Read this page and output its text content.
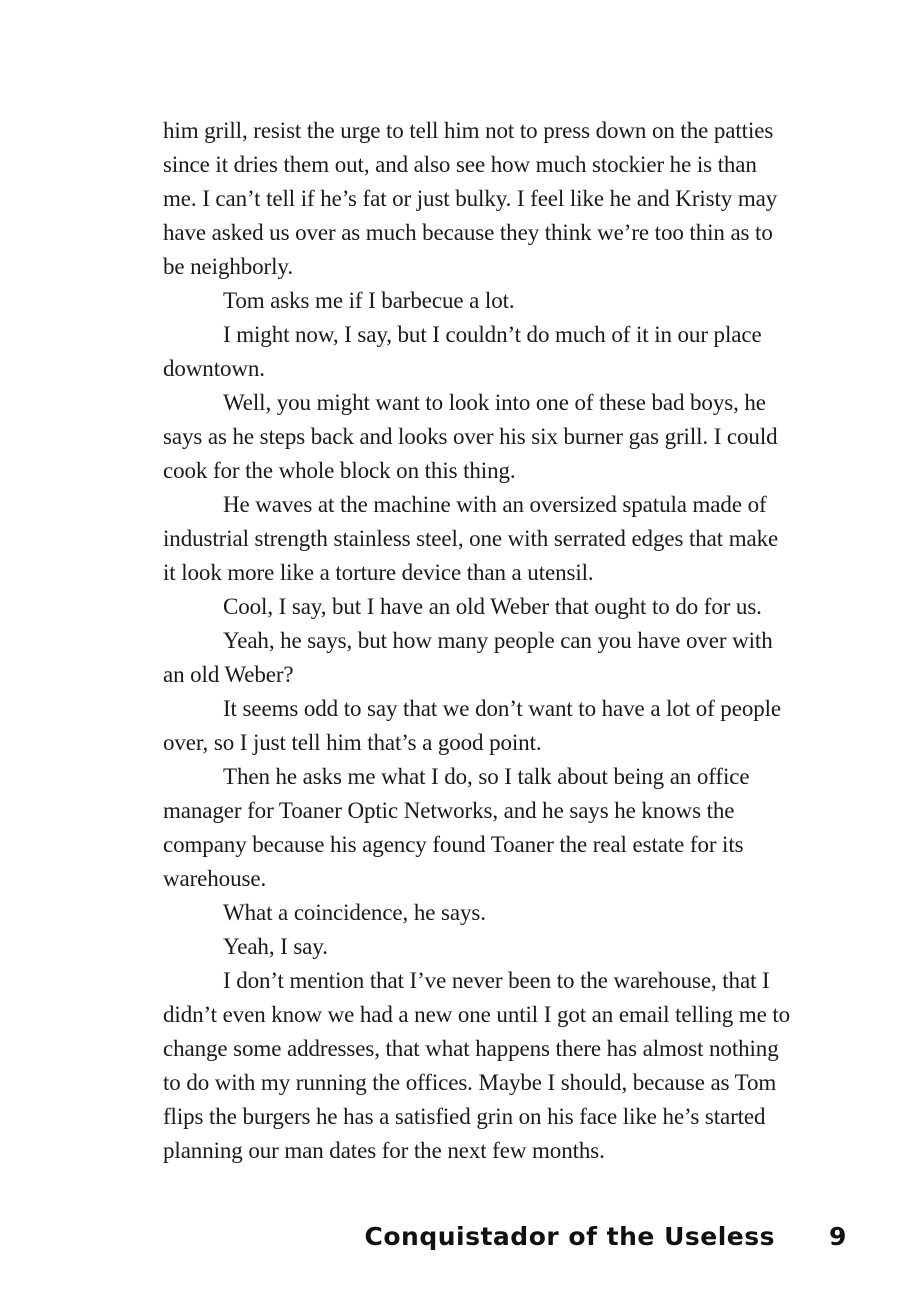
him grill, resist the urge to tell him not to press down on the patties since it dries them out, and also see how much stockier he is than me. I can’t tell if he’s fat or just bulky. I feel like he and Kristy may have asked us over as much because they think we’re too thin as to be neighborly.

Tom asks me if I barbecue a lot.

I might now, I say, but I couldn’t do much of it in our place downtown.

Well, you might want to look into one of these bad boys, he says as he steps back and looks over his six burner gas grill. I could cook for the whole block on this thing.

He waves at the machine with an oversized spatula made of industrial strength stainless steel, one with serrated edges that make it look more like a torture device than a utensil.

Cool, I say, but I have an old Weber that ought to do for us.

Yeah, he says, but how many people can you have over with an old Weber?

It seems odd to say that we don’t want to have a lot of people over, so I just tell him that’s a good point.

Then he asks me what I do, so I talk about being an office manager for Toaner Optic Networks, and he says he knows the company because his agency found Toaner the real estate for its warehouse.

What a coincidence, he says.

Yeah, I say.

I don’t mention that I’ve never been to the warehouse, that I didn’t even know we had a new one until I got an email telling me to change some addresses, that what happens there has almost nothing to do with my running the offices. Maybe I should, because as Tom flips the burgers he has a satisfied grin on his face like he’s started planning our man dates for the next few months.

Conquistador of the Useless 9
